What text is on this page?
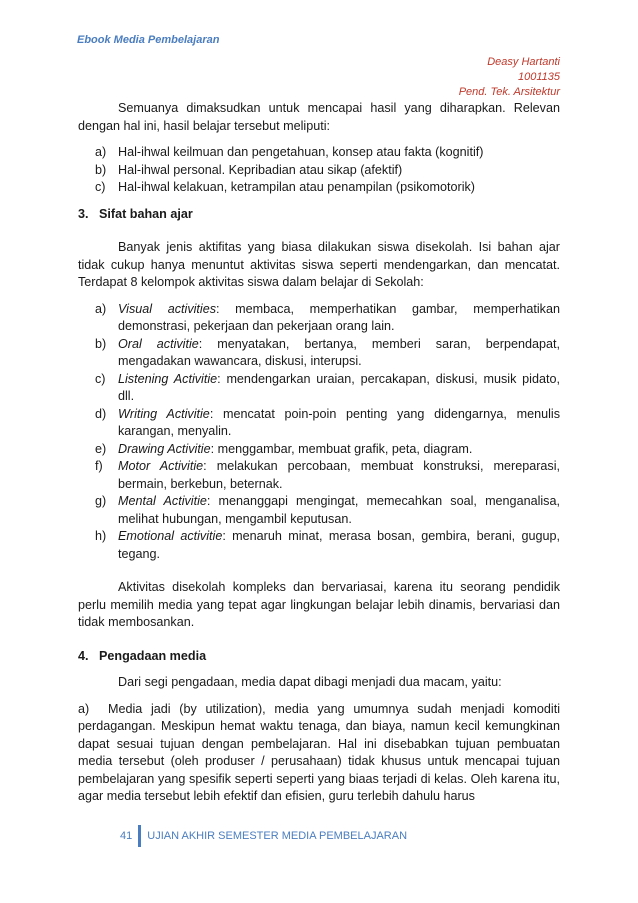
Ebook Media Pembelajaran
Deasy Hartanti
1001135
Pend. Tek. Arsitektur

Semuanya dimaksudkan untuk mencapai hasil yang diharapkan. Relevan dengan hal ini, hasil belajar tersebut meliputi:

a) Hal-ihwal keilmuan dan pengetahuan, konsep atau fakta (kognitif)
b) Hal-ihwal personal. Kepribadian atau sikap (afektif)
c) Hal-ihwal kelakuan, ketrampilan atau penampilan (psikomotorik)

3. Sifat bahan ajar

Banyak jenis aktifitas yang biasa dilakukan siswa disekolah. Isi bahan ajar tidak cukup hanya menuntut aktivitas siswa seperti mendengarkan, dan mencatat. Terdapat 8 kelompok aktivitas siswa dalam belajar di Sekolah:

a) Visual activities: membaca, memperhatikan gambar, memperhatikan demonstrasi, pekerjaan dan pekerjaan orang lain.
b) Oral activitie: menyatakan, bertanya, memberi saran, berpendapat, mengadakan wawancara, diskusi, interupsi.
c) Listening Activitie: mendengarkan uraian, percakapan, diskusi, musik pidato, dll.
d) Writing Activitie: mencatat poin-poin penting yang didengarnya, menulis karangan, menyalin.
e) Drawing Activitie: menggambar, membuat grafik, peta, diagram.
f) Motor Activitie: melakukan percobaan, membuat konstruksi, mereparasi, bermain, berkebun, beternak.
g) Mental Activitie: menanggapi mengingat, memecahkan soal, menganalisa, melihat hubungan, mengambil keputusan.
h) Emotional activitie: menaruh minat, merasa bosan, gembira, berani, gugup, tegang.

Aktivitas disekolah kompleks dan bervariasai, karena itu seorang pendidik perlu memilih media yang tepat agar lingkungan belajar lebih dinamis, bervariasi dan tidak membosankan.

4. Pengadaan media

Dari segi pengadaan, media dapat dibagi menjadi dua macam, yaitu:

a) Media jadi (by utilization), media yang umumnya sudah menjadi komoditi perdagangan. Meskipun hemat waktu tenaga, dan biaya, namun kecil kemungkinan dapat sesuai tujuan dengan pembelajaran. Hal ini disebabkan tujuan pembuatan media tersebut (oleh produser / perusahaan) tidak khusus untuk mencapai tujuan pembelajaran yang spesifik seperti seperti yang biaas terjadi di kelas. Oleh karena itu, agar media tersebut lebih efektif dan efisien, guru terlebih dahulu harus

41 UJIAN AKHIR SEMESTER MEDIA PEMBELAJARAN
